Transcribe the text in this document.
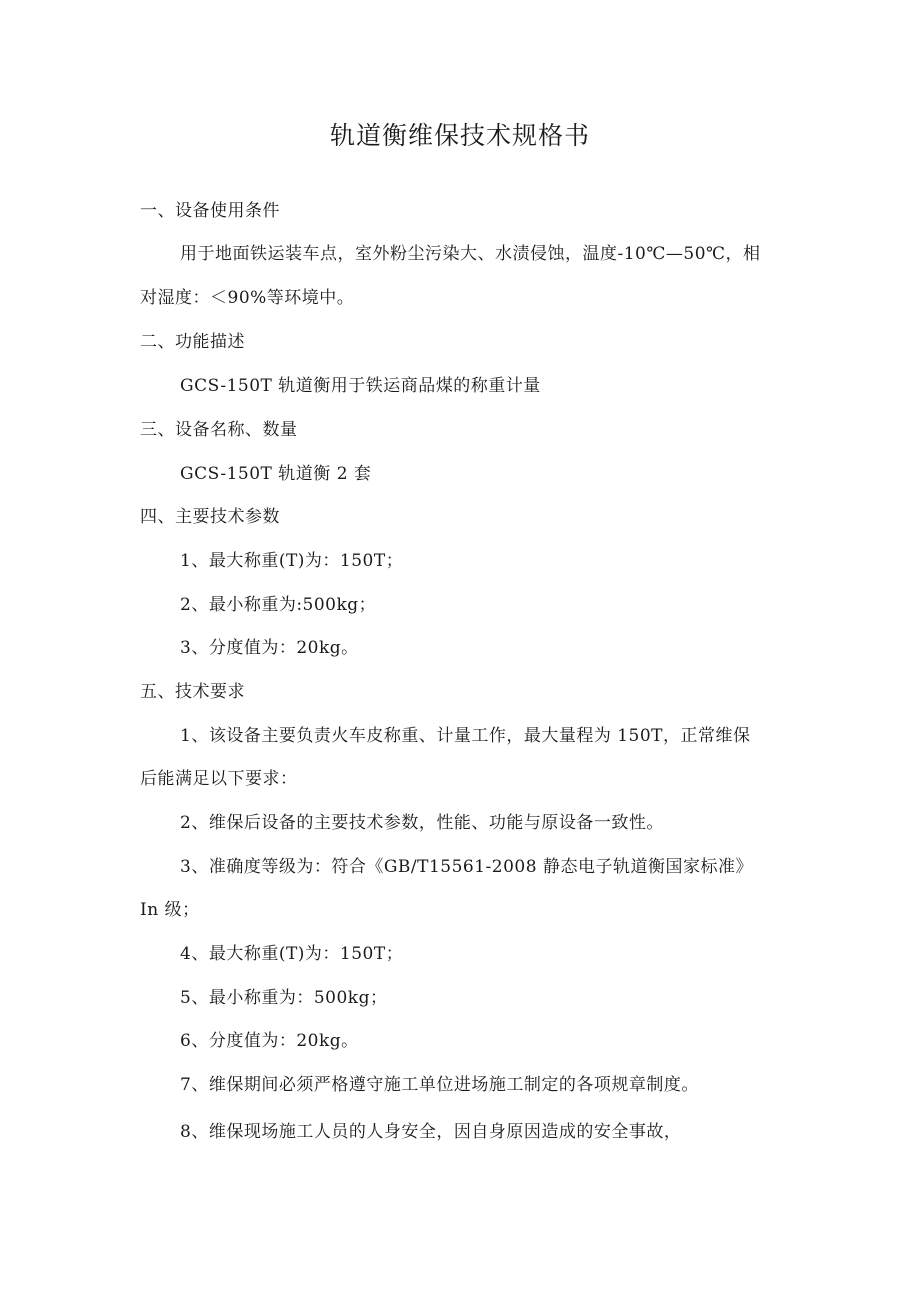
轨道衡维保技术规格书
一、设备使用条件
用于地面铁运装车点，室外粉尘污染大、水渍侵蚀，温度-10℃—50℃，相
对湿度：＜90%等环境中。
二、功能描述
GCS-150T 轨道衡用于铁运商品煤的称重计量
三、设备名称、数量
GCS-150T 轨道衡 2 套
四、主要技术参数
1、最大称重(T)为：150T；
2、最小称重为:500kg；
3、分度值为：20kg。
五、技术要求
1、该设备主要负责火车皮称重、计量工作，最大量程为 150T，正常维保
后能满足以下要求：
2、维保后设备的主要技术参数，性能、功能与原设备一致性。
3、准确度等级为：符合《GB/T15561-2008 静态电子轨道衡国家标准》
In 级；
4、最大称重(T)为：150T；
5、最小称重为：500kg；
6、分度值为：20kg。
7、维保期间必须严格遵守施工单位进场施工制定的各项规章制度。
8、维保现场施工人员的人身安全，因自身原因造成的安全事故，
